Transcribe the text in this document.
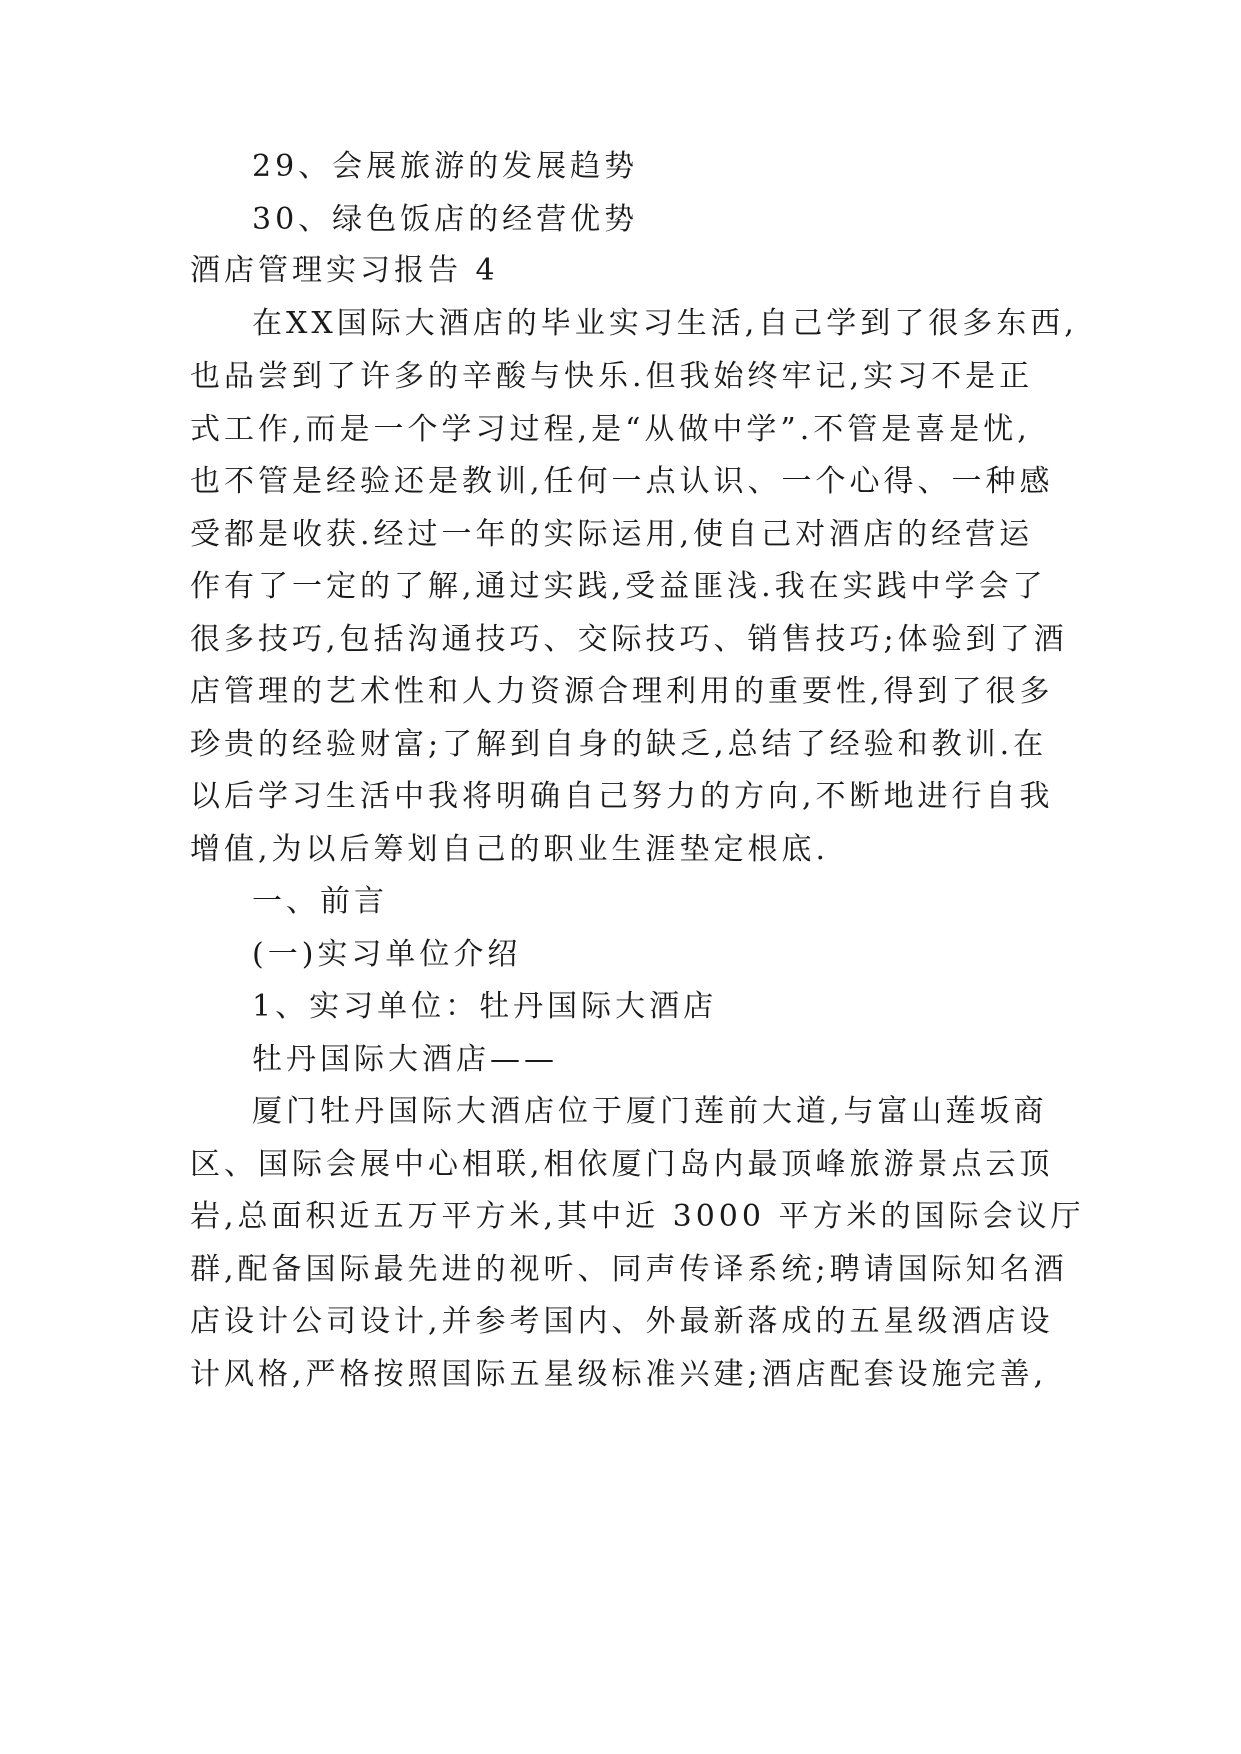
29、会展旅游的发展趋势
30、绿色饭店的经营优势
酒店管理实习报告 4
在XX国际大酒店的毕业实习生活,自己学到了很多东西,
也品尝到了许多的辛酸与快乐.但我始终牢记,实习不是正
式工作,而是一个学习过程,是“从做中学”.不管是喜是忧,
也不管是经验还是教训,任何一点认识、一个心得、一种感
受都是收获.经过一年的实际运用,使自己对酒店的经营运
作有了一定的了解,通过实践,受益匪浅.我在实践中学会了
很多技巧,包括沟通技巧、交际技巧、销售技巧;体验到了酒
店管理的艺术性和人力资源合理利用的重要性,得到了很多
珍贵的经验财富;了解到自身的缺乏,总结了经验和教训.在
以后学习生活中我将明确自己努力的方向,不断地进行自我
增值,为以后筹划自己的职业生涯垫定根底.
一、前言
(一)实习单位介绍
1、实习单位：牡丹国际大酒店
牡丹国际大酒店——
厦门牡丹国际大酒店位于厦门莲前大道,与富山莲坂商
区、国际会展中心相联,相依厦门岛内最顶峰旅游景点云顶
岩,总面积近五万平方米,其中近 3000 平方米的国际会议厅
群,配备国际最先进的视听、同声传译系统;聘请国际知名酒
店设计公司设计,并参考国内、外最新落成的五星级酒店设
计风格,严格按照国际五星级标准兴建;酒店配套设施完善,
